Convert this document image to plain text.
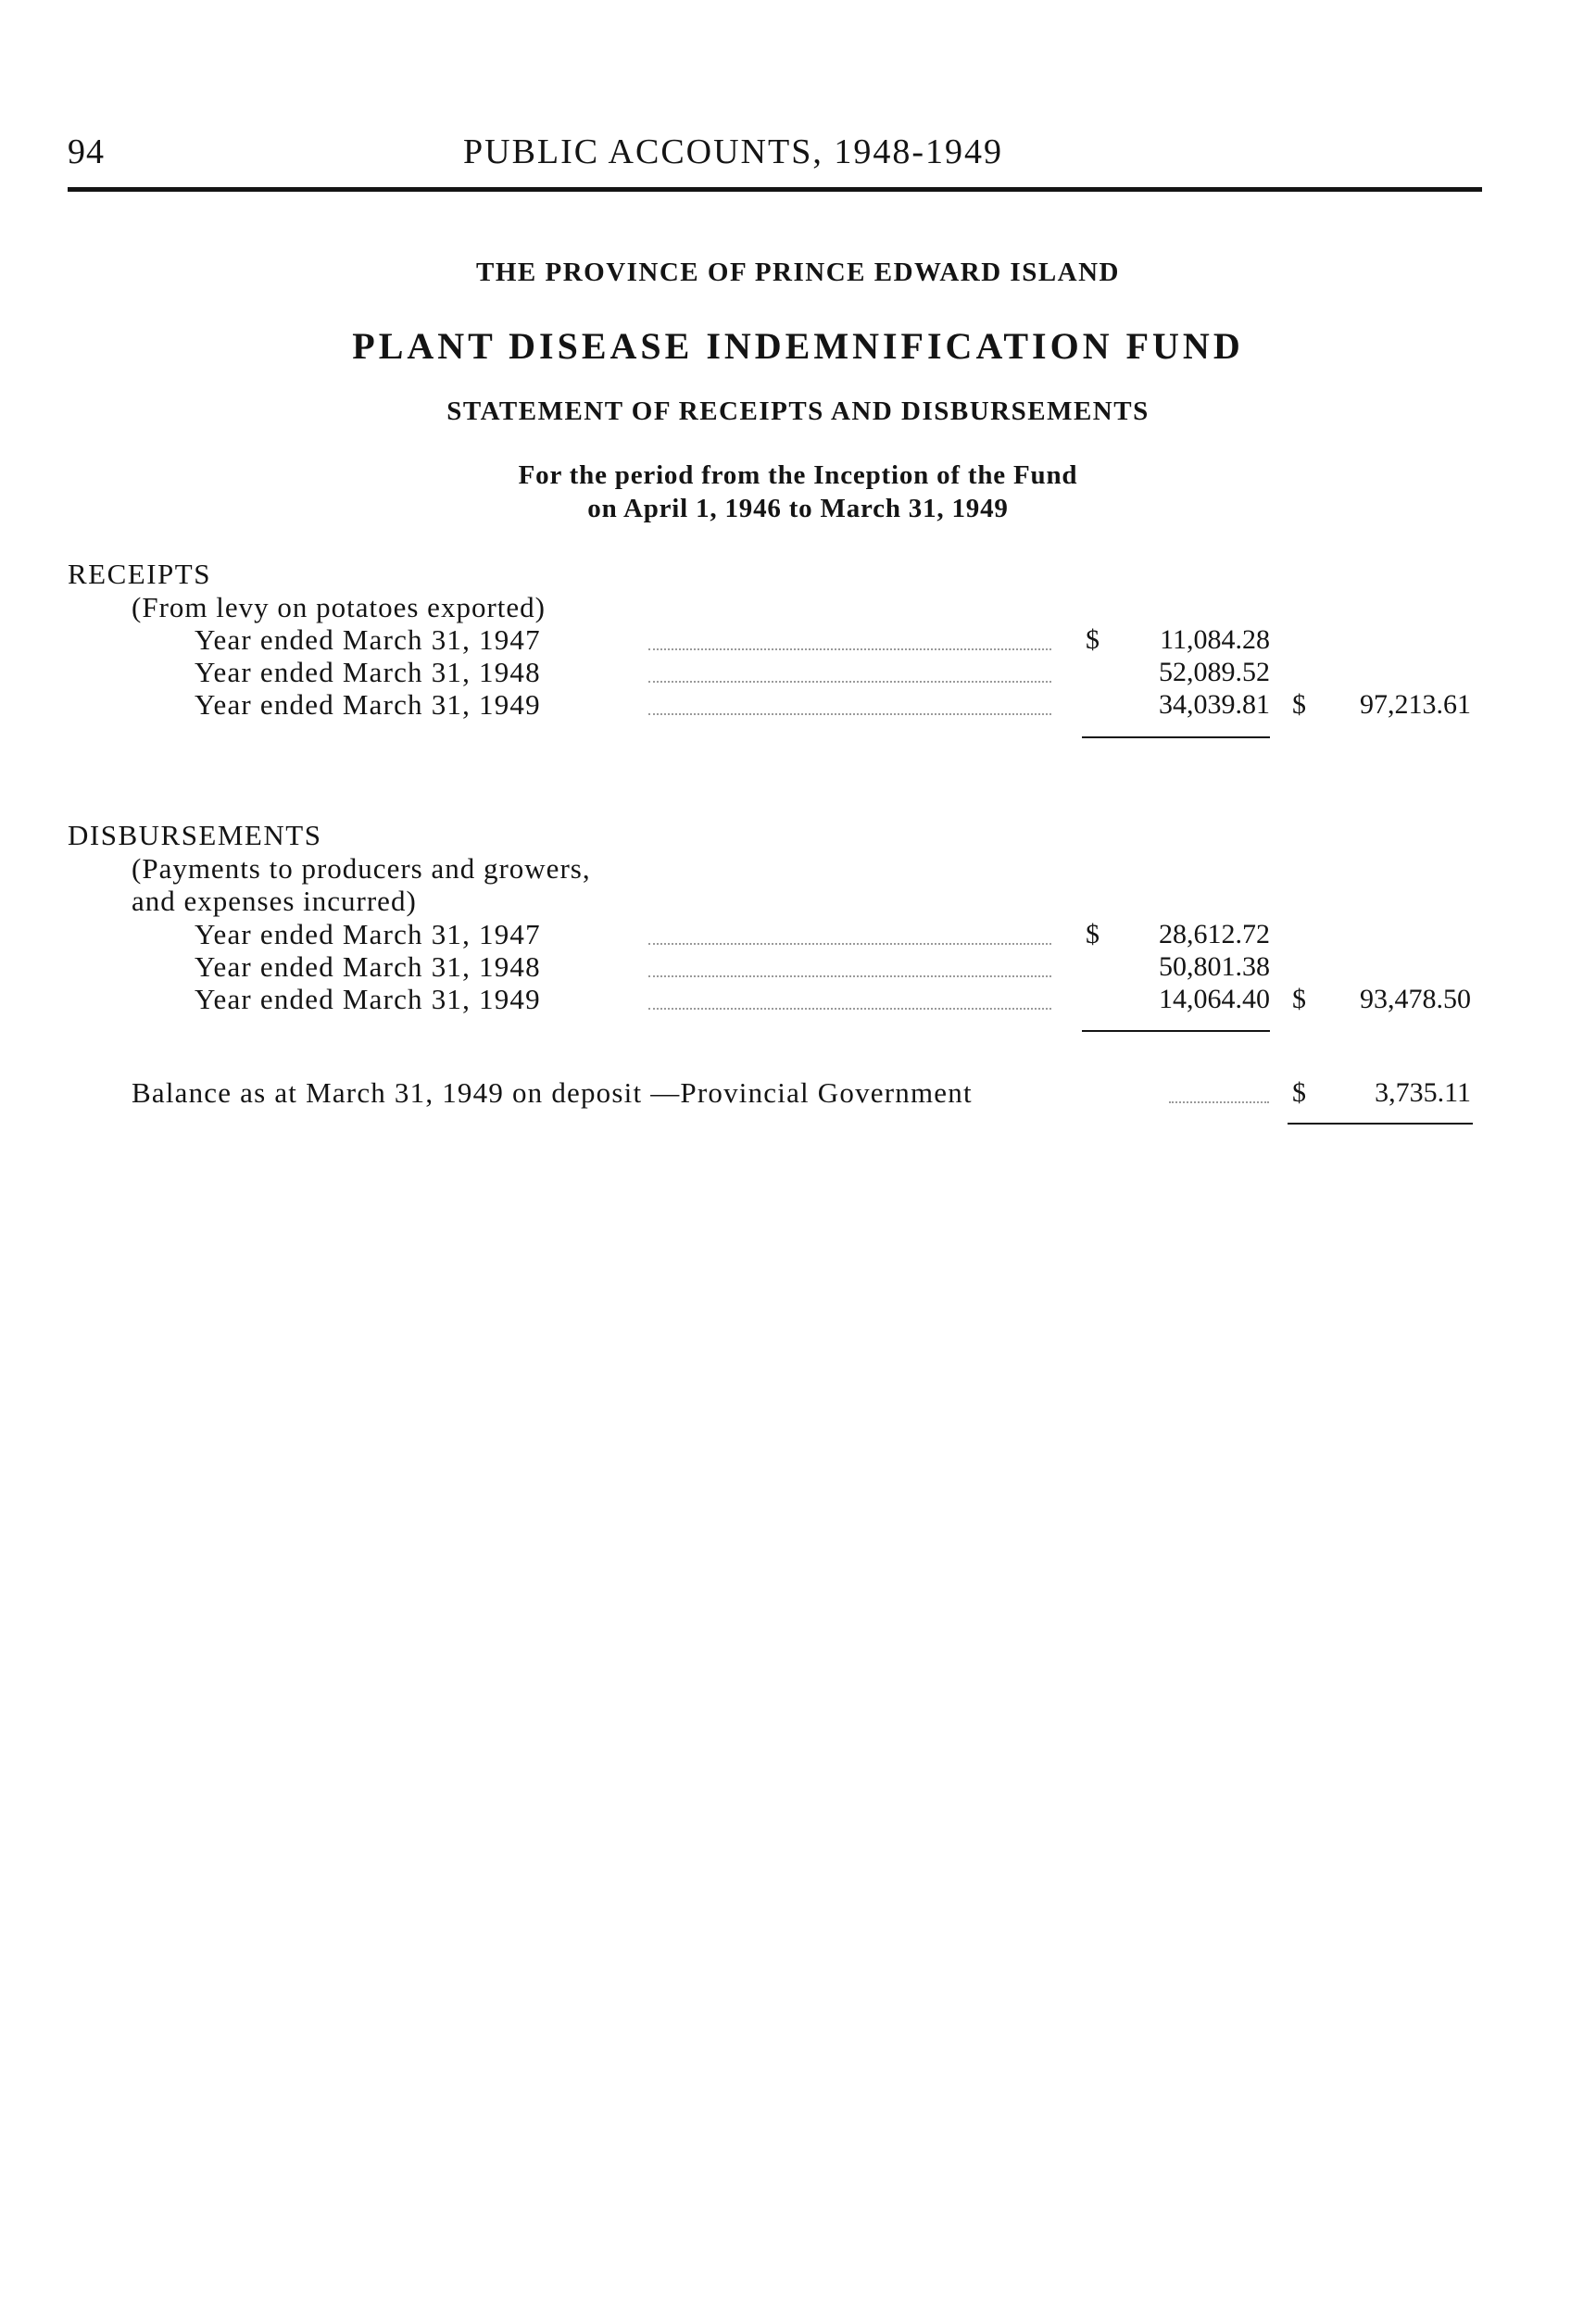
94	PUBLIC ACCOUNTS, 1948-1949
THE PROVINCE OF PRINCE EDWARD ISLAND
PLANT DISEASE INDEMNIFICATION FUND
STATEMENT OF RECEIPTS AND DISBURSEMENTS
For the period from the Inception of the Fund
on April 1, 1946 to March 31, 1949
RECEIPTS
(From levy on potatoes exported)
Year ended March 31, 1947	$	11,084.28
Year ended March 31, 1948	52,089.52
Year ended March 31, 1949	34,039.81 $	97,213.61
DISBURSEMENTS
(Payments to producers and growers,
and expenses incurred)
Year ended March 31, 1947	$	28,612.72
Year ended March 31, 1948	50,801.38
Year ended March 31, 1949	14,064.40 $	93,478.50
Balance as at March 31, 1949 on deposit —Provincial Government	$	3,735.11
